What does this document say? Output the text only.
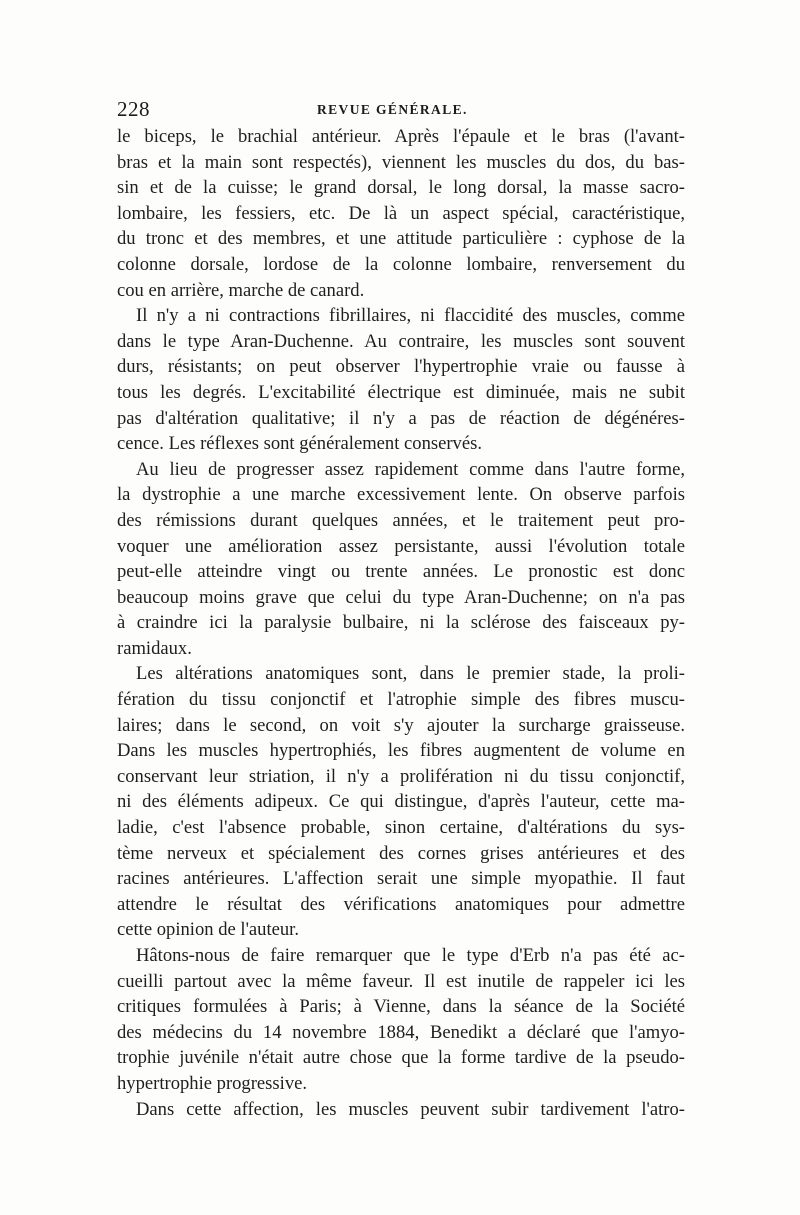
228	REVUE GÉNÉRALE.
le biceps, le brachial antérieur. Après l'épaule et le bras (l'avant-
bras et la main sont respectés), viennent les muscles du dos, du bas-
sin et de la cuisse; le grand dorsal, le long dorsal, la masse sacro-
lombaire, les fessiers, etc. De là un aspect spécial, caractéristique,
du tronc et des membres, et une attitude particulière : cyphose de la
colonne dorsale, lordose de la colonne lombaire, renversement du
cou en arrière, marche de canard.
Il n'y a ni contractions fibrillaires, ni flaccidité des muscles, comme
dans le type Aran-Duchenne. Au contraire, les muscles sont souvent
durs, résistants; on peut observer l'hypertrophie vraie ou fausse à
tous les degrés. L'excitabilité électrique est diminuée, mais ne subit
pas d'altération qualitative; il n'y a pas de réaction de dégénéres-
cence. Les réflexes sont généralement conservés.
Au lieu de progresser assez rapidement comme dans l'autre forme,
la dystrophie a une marche excessivement lente. On observe parfois
des rémissions durant quelques années, et le traitement peut pro-
voquer une amélioration assez persistante, aussi l'évolution totale
peut-elle atteindre vingt ou trente années. Le pronostic est donc
beaucoup moins grave que celui du type Aran-Duchenne; on n'a pas
à craindre ici la paralysie bulbaire, ni la sclérose des faisceaux py-
ramidaux.
Les altérations anatomiques sont, dans le premier stade, la proli-
fération du tissu conjonctif et l'atrophie simple des fibres muscu-
laires; dans le second, on voit s'y ajouter la surcharge graisseuse.
Dans les muscles hypertrophiés, les fibres augmentent de volume en
conservant leur striation, il n'y a prolifération ni du tissu conjonctif,
ni des éléments adipeux. Ce qui distingue, d'après l'auteur, cette ma-
ladie, c'est l'absence probable, sinon certaine, d'altérations du sys-
tème nerveux et spécialement des cornes grises antérieures et des
racines antérieures. L'affection serait une simple myopathie. Il faut
attendre le résultat des vérifications anatomiques pour admettre
cette opinion de l'auteur.
Hâtons-nous de faire remarquer que le type d'Erb n'a pas été ac-
cueilli partout avec la même faveur. Il est inutile de rappeler ici les
critiques formulées à Paris; à Vienne, dans la séance de la Société
des médecins du 14 novembre 1884, Benedikt a déclaré que l'amyo-
trophie juvénile n'était autre chose que la forme tardive de la pseudo-
hypertrophie progressive.
Dans cette affection, les muscles peuvent subir tardivement l'atro-
